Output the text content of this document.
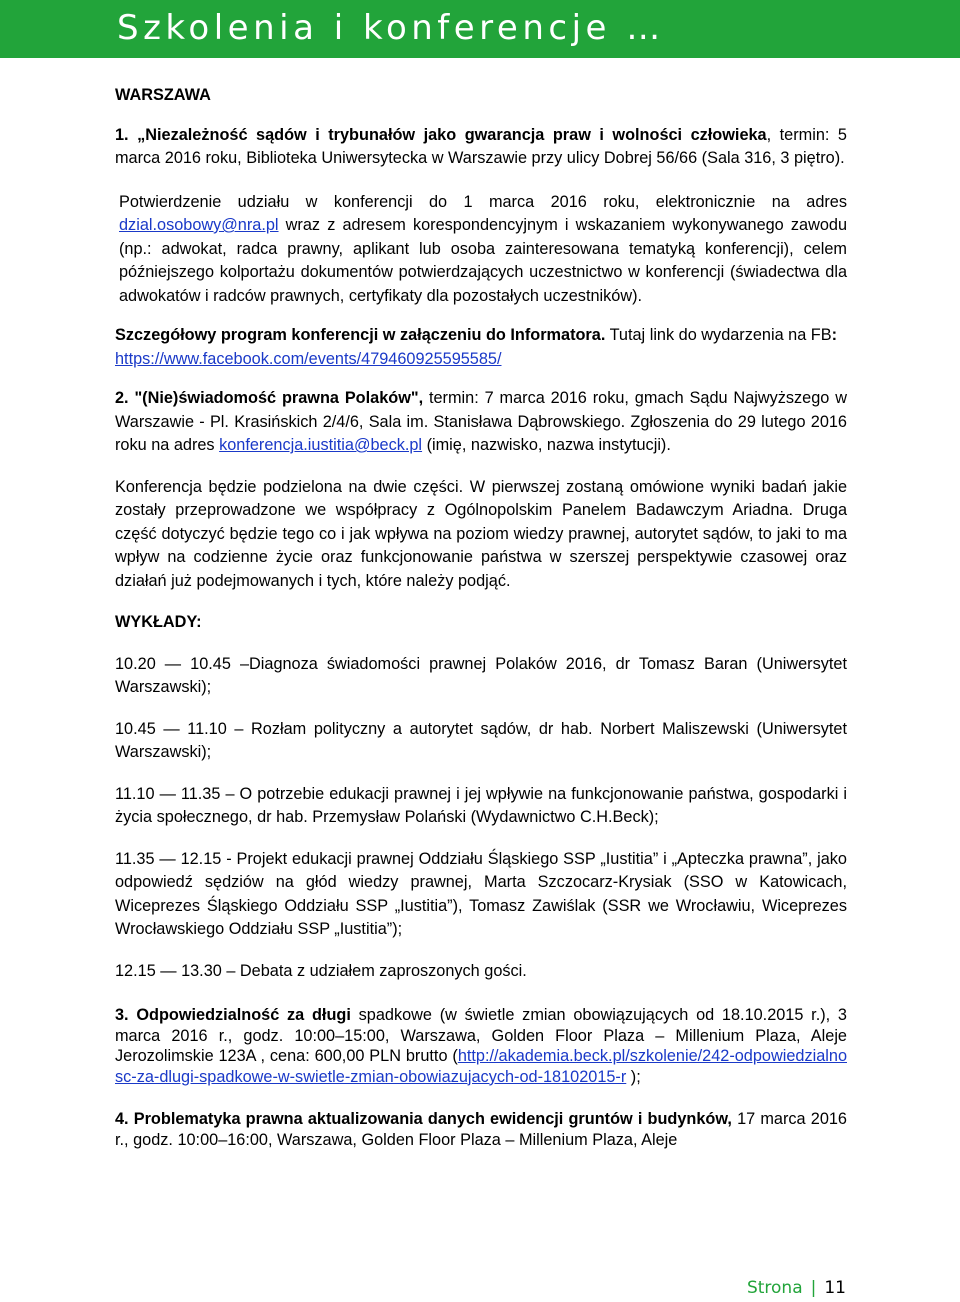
Szkolenia i konferencje …

WARSZAWA

1. „Niezależność sądów i trybunałów jako gwarancja praw i wolności człowieka, termin: 5 marca 2016 roku, Biblioteka Uniwersytecka w Warszawie przy ulicy Dobrej 56/66 (Sala 316, 3 piętro).

Potwierdzenie udziału w konferencji do 1 marca 2016 roku, elektronicznie na adres dzial.osobowy@nra.pl wraz z adresem korespondencyjnym i wskazaniem wykonywanego zawodu (np.: adwokat, radca prawny, aplikant lub osoba zainteresowana tematyką konferencji), celem późniejszego kolportażu dokumentów potwierdzających uczestnictwo w konferencji (świadectwa dla adwokatów i radców prawnych, certyfikaty dla pozostałych uczestników).

Szczegółowy program konferencji w załączeniu do Informatora. Tutaj link do wydarzenia na FB: https://www.facebook.com/events/479460925595585/

2. "(Nie)świadomość prawna Polaków", termin: 7 marca 2016 roku, gmach Sądu Najwyższego w Warszawie - Pl. Krasińskich 2/4/6, Sala im. Stanisława Dąbrowskiego. Zgłoszenia do 29 lutego 2016 roku na adres konferencja.iustitia@beck.pl (imię, nazwisko, nazwa instytucji).

Konferencja będzie podzielona na dwie części. W pierwszej zostaną omówione wyniki badań jakie zostały przeprowadzone we współpracy z Ogólnopolskim Panelem Badawczym Ariadna. Druga część dotyczyć będzie tego co i jak wpływa na poziom wiedzy prawnej, autorytet sądów, to jaki to ma wpływ na codzienne życie oraz funkcjonowanie państwa w szerszej perspektywie czasowej oraz działań już podejmowanych i tych, które należy podjąć.

WYKŁADY:

10.20 — 10.45 –Diagnoza świadomości prawnej Polaków 2016, dr Tomasz Baran (Uniwersytet Warszawski);

10.45 — 11.10 – Rozłam polityczny a autorytet sądów, dr hab. Norbert Maliszewski (Uniwersytet Warszawski);

11.10 — 11.35 – O potrzebie edukacji prawnej i jej wpływie na funkcjonowanie państwa, gospodarki i życia społecznego, dr hab. Przemysław Polański (Wydawnictwo C.H.Beck);

11.35 — 12.15 - Projekt edukacji prawnej Oddziału Śląskiego SSP „Iustitia” i „Apteczka prawna”, jako odpowiedź sędziów na głód wiedzy prawnej, Marta Szczocarz-Krysiak (SSO w Katowicach, Wiceprezes Śląskiego Oddziału SSP „Iustitia”), Tomasz Zawiślak (SSR we Wrocławiu, Wiceprezes Wrocławskiego Oddziału SSP „Iustitia”);

12.15 — 13.30 – Debata z udziałem zaproszonych gości.

3. Odpowiedzialność za długi spadkowe (w świetle zmian obowiązujących od 18.10.2015 r.), 3 marca 2016 r., godz. 10:00–15:00, Warszawa, Golden Floor Plaza – Millenium Plaza, Aleje Jerozolimskie 123A , cena: 600,00 PLN brutto (http://akademia.beck.pl/szkolenie/242-odpowiedzialnosc-za-dlugi-spadkowe-w-swietle-zmian-obowiazujacych-od-18102015-r );

4. Problematyka prawna aktualizowania danych ewidencji gruntów i budynków, 17 marca 2016 r., godz. 10:00–16:00, Warszawa, Golden Floor Plaza – Millenium Plaza, Aleje

Strona | 11
